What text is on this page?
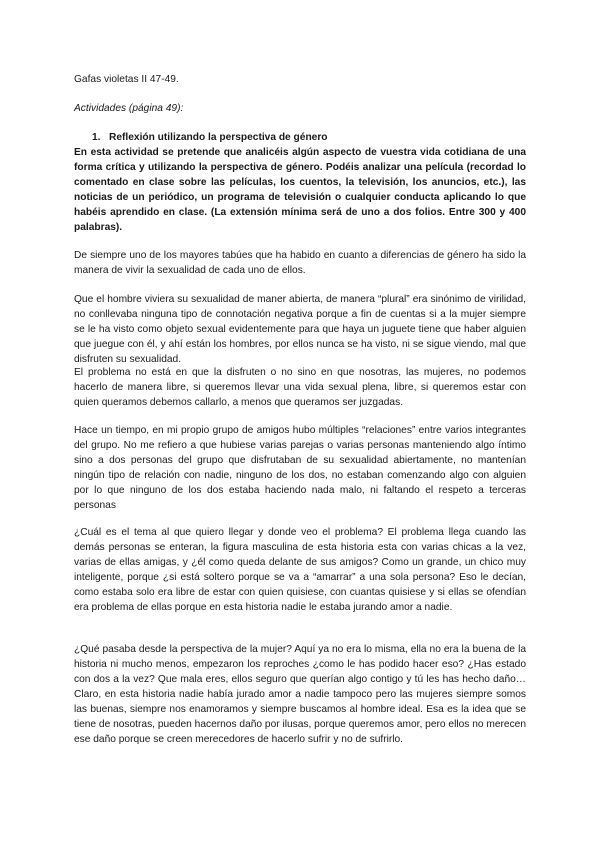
Gafas violetas II 47-49.

Actividades (página 49):

1. Reflexión utilizando la perspectiva de género

En esta actividad se pretende que analicéis algún aspecto de vuestra vida cotidiana de una forma crítica y utilizando la perspectiva de género. Podéis analizar una película (recordad lo comentado en clase sobre las películas, los cuentos, la televisión, los anuncios, etc.), las noticias de un periódico, un programa de televisión o cualquier conducta aplicando lo que habéis aprendido en clase. (La extensión mínima será de uno a dos folios. Entre 300 y 400 palabras).

De siempre uno de los mayores tabúes que ha habido en cuanto a diferencias de género ha sido la manera de vivir la sexualidad de cada uno de ellos.

Que el hombre viviera su sexualidad de maner abierta, de manera “plural” era sinónimo de virilidad, no conllevaba ninguna tipo de connotación negativa porque a fin de cuentas si a la mujer siempre se le ha visto como objeto sexual evidentemente para que haya un juguete tiene que haber alguien que juegue con él, y ahí están los hombres, por ellos nunca se ha visto, ni se sigue viendo, mal que disfruten su sexualidad.

El problema no está en que la disfruten o no sino en que nosotras, las mujeres, no podemos hacerlo de manera libre, si queremos llevar una vida sexual plena, libre, si queremos estar con quien queramos debemos callarlo, a menos que queramos ser juzgadas.

Hace un tiempo, en mi propio grupo de amigos hubo múltiples “relaciones” entre varios integrantes del grupo. No me refiero a que hubiese varias parejas o varias personas manteniendo algo íntimo sino a dos personas del grupo que disfrutaban de su sexualidad abiertamente, no mantenían ningún tipo de relación con nadie, ninguno de los dos, no estaban comenzando algo con alguien por lo que ninguno de los dos estaba haciendo nada malo, ni faltando el respeto a terceras personas

¿Cuál es el tema al que quiero llegar y donde veo el problema? El problema llega cuando las demás personas se enteran, la figura masculina de esta historia esta con varias chicas a la vez, varias de ellas amigas, y ¿él como queda delante de sus amigos? Como un grande, un chico muy inteligente, porque ¿si está soltero porque se va a “amarrar” a una sola persona? Eso le decían, como estaba solo era libre de estar con quien quisiese, con cuantas quisiese y si ellas se ofendían era problema de ellas porque en esta historia nadie le estaba jurando amor a nadie.

¿Qué pasaba desde la perspectiva de la mujer? Aquí ya no era lo misma, ella no era la buena de la historia ni mucho menos, empezaron los reproches ¿como le has podido hacer eso? ¿Has estado con dos a la vez? Que mala eres, ellos seguro que querían algo contigo y tú les has hecho daño… Claro, en esta historia nadie había jurado amor a nadie tampoco pero las mujeres siempre somos las buenas, siempre nos enamoramos y siempre buscamos al hombre ideal. Esa es la idea que se tiene de nosotras, pueden hacernos daño por ilusas, porque queremos amor, pero ellos no merecen ese daño porque se creen merecedores de hacerlo sufrir y no de sufrirlo.
